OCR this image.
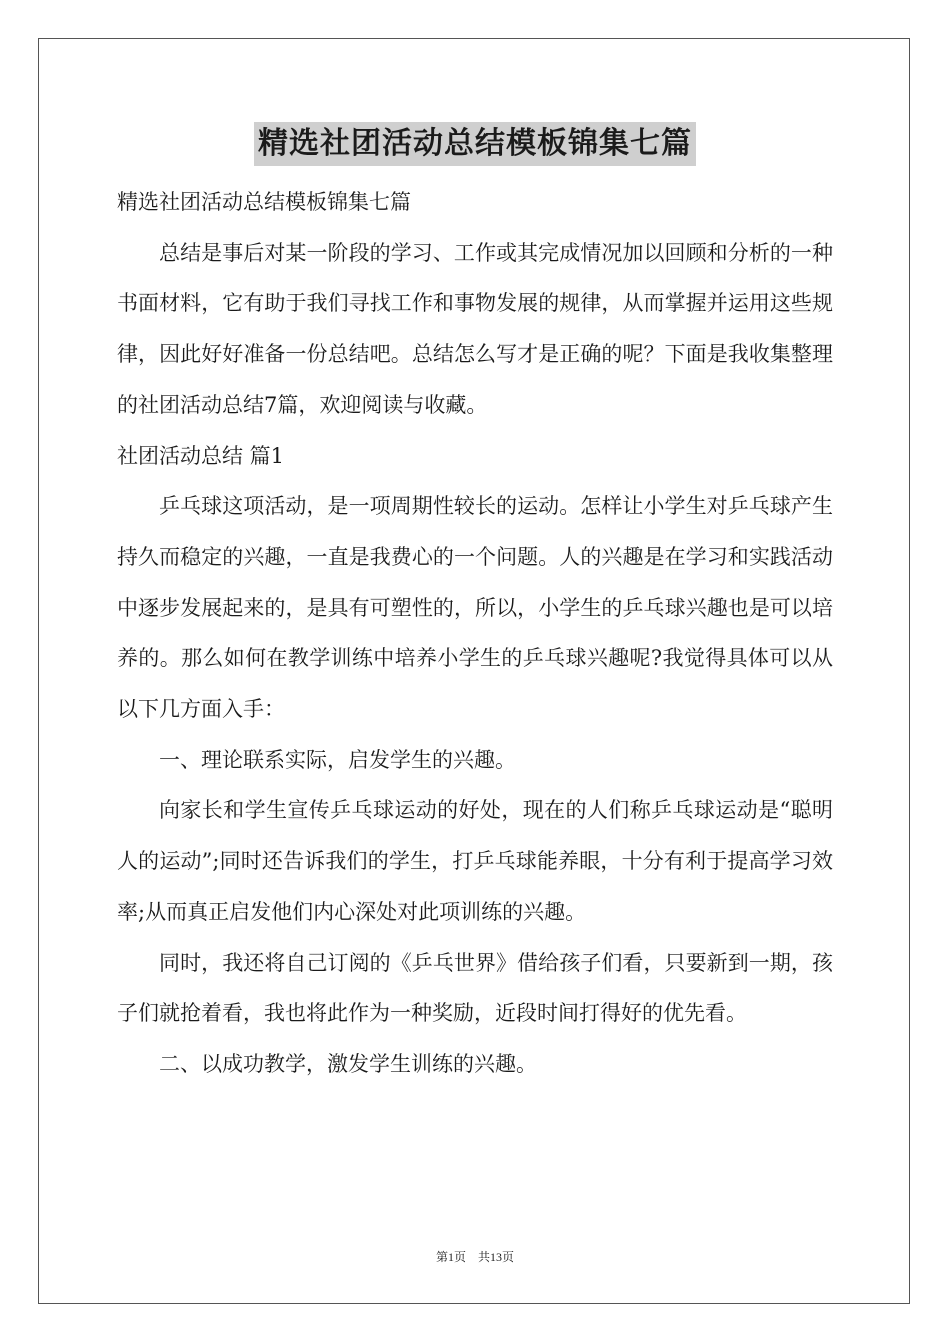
精选社团活动总结模板锦集七篇

精选社团活动总结模板锦集七篇

总结是事后对某一阶段的学习、工作或其完成情况加以回顾和分析的一种书面材料，它有助于我们寻找工作和事物发展的规律，从而掌握并运用这些规律，因此好好准备一份总结吧。总结怎么写才是正确的呢？下面是我收集整理的社团活动总结7篇，欢迎阅读与收藏。

社团活动总结 篇1

乒乓球这项活动，是一项周期性较长的运动。怎样让小学生对乒乓球产生持久而稳定的兴趣，一直是我费心的一个问题。人的兴趣是在学习和实践活动中逐步发展起来的，是具有可塑性的，所以，小学生的乒乓球兴趣也是可以培养的。那么如何在教学训练中培养小学生的乒乓球兴趣呢?我觉得具体可以从以下几方面入手：

一、理论联系实际，启发学生的兴趣。

向家长和学生宣传乒乓球运动的好处，现在的人们称乒乓球运动是“聪明人的运动”;同时还告诉我们的学生，打乒乓球能养眼，十分有利于提高学习效率;从而真正启发他们内心深处对此项训练的兴趣。

同时，我还将自己订阅的《乒乓世界》借给孩子们看，只要新到一期，孩子们就抢着看，我也将此作为一种奖励，近段时间打得好的优先看。

二、以成功教学，激发学生训练的兴趣。

第1页　共13页
